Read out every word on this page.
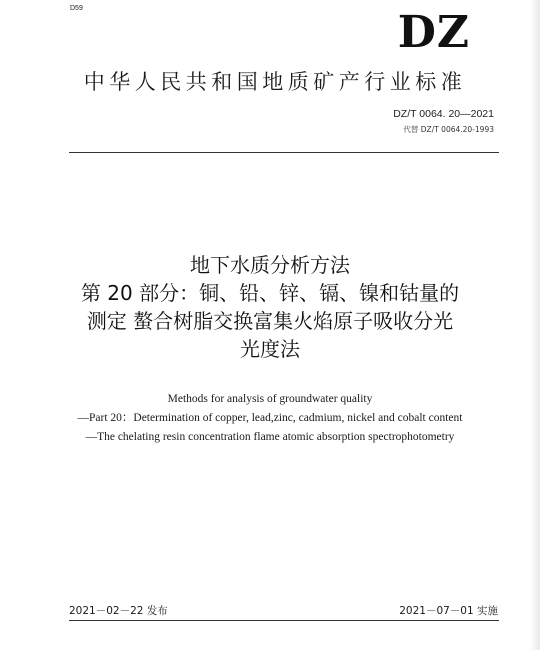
D59	DZ
中华人民共和国地质矿产行业标准
DZ/T 0064. 20—2021
代替 DZ/T 0064.20-1993
地下水质分析方法
第 20 部分：铜、铅、锌、镉、镍和钴量的
测定 螯合树脂交换富集火焰原子吸收分光
光度法
Methods for analysis of groundwater quality
—Part 20：Determination of copper, lead,zinc, cadmium, nickel and cobalt content
—The chelating resin concentration flame atomic absorption spectrophotometry
2021－02－22 发布	2021－07－01 实施
